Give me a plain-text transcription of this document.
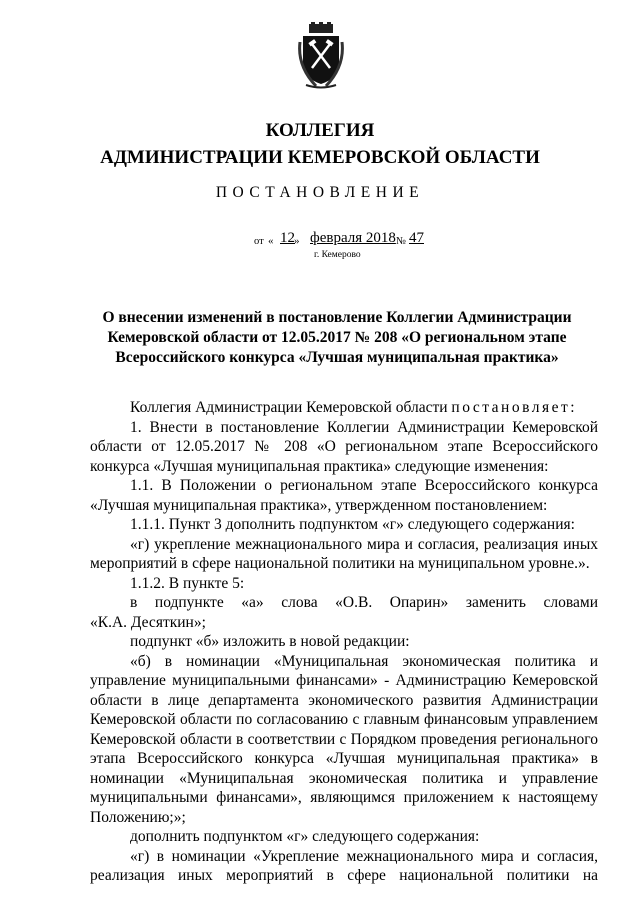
КОЛЛЕГИЯ
АДМИНИСТРАЦИИ КЕМЕРОВСКОЙ ОБЛАСТИ
ПОСТАНОВЛЕНИЕ
от « 12 » февраля 2018 № 47
г. Кемерово
О внесении изменений в постановление Коллегии Администрации Кемеровской области от 12.05.2017 № 208 «О региональном этапе Всероссийского конкурса «Лучшая муниципальная практика»

Коллегия Администрации Кемеровской области постановляет:

1. Внести в постановление Коллегии Администрации Кемеровской области от 12.05.2017 № 208 «О региональном этапе Всероссийского конкурса «Лучшая муниципальная практика» следующие изменения:

1.1. В Положении о региональном этапе Всероссийского конкурса «Лучшая муниципальная практика», утвержденном постановлением:

1.1.1. Пункт 3 дополнить подпунктом «г» следующего содержания:

«г) укрепление межнационального мира и согласия, реализация иных мероприятий в сфере национальной политики на муниципальном уровне.».

1.1.2. В пункте 5:

в подпункте «а» слова «О.В. Опарин» заменить словами

«К.А. Десяткин»;

подпункт «б» изложить в новой редакции:

«б) в номинации «Муниципальная экономическая политика и управление муниципальными финансами» - Администрацию Кемеровской области в лице департамента экономического развития Администрации Кемеровской области по согласованию с главным финансовым управлением Кемеровской области в соответствии с Порядком проведения регионального этапа Всероссийского конкурса «Лучшая муниципальная практика» в номинации «Муниципальная экономическая политика и управление муниципальными финансами», являющимся приложением к настоящему Положению;»;

дополнить подпунктом «г» следующего содержания:

«г) в номинации «Укрепление межнационального мира и согласия, реализация иных мероприятий в сфере национальной политики на
